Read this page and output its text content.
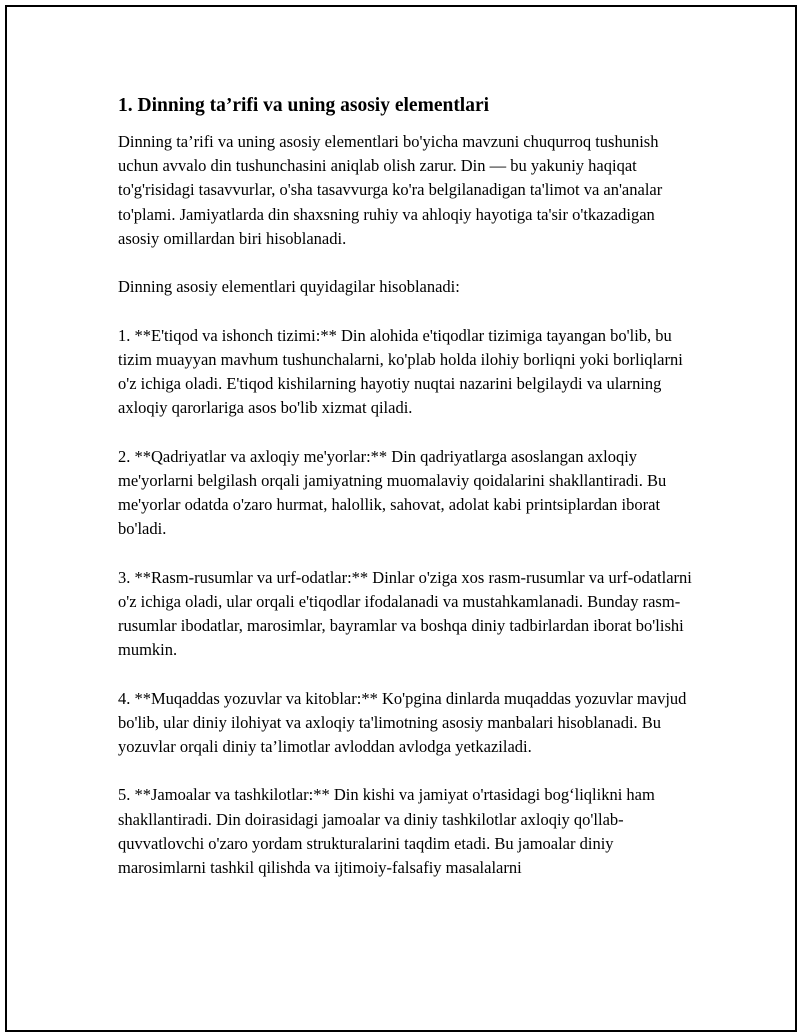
1. Dinning ta’rifi va uning asosiy elementlari

Dinning ta’rifi va uning asosiy elementlari bo'yicha mavzuni chuqurroq tushunish uchun avvalo din tushunchasini aniqlab olish zarur. Din — bu yakuniy haqiqat to'g'risidagi tasavvurlar, o'sha tasavvurga ko'ra belgilanadigan ta'limot va an'analar to'plami. Jamiyatlarda din shaxsning ruhiy va ahloqiy hayotiga ta'sir o'tkazadigan asosiy omillardan biri hisoblanadi.

Dinning asosiy elementlari quyidagilar hisoblanadi:

1. **E'tiqod va ishonch tizimi:** Din alohida e'tiqodlar tizimiga tayangan bo'lib, bu tizim muayyan mavhum tushunchalarni, ko'plab holda ilohiy borliqni yoki borliqlarni o'z ichiga oladi. E'tiqod kishilarning hayotiy nuqtai nazarini belgilaydi va ularning axloqiy qarorlariga asos bo'lib xizmat qiladi.

2. **Qadriyatlar va axloqiy me'yorlar:** Din qadriyatlarga asoslangan axloqiy me'yorlarni belgilash orqali jamiyatning muomalaviy qoidalarini shakllantiradi. Bu me'yorlar odatda o'zaro hurmat, halollik, sahovat, adolat kabi printsiplardan iborat bo'ladi.

3. **Rasm-rusumlar va urf-odatlar:** Dinlar o'ziga xos rasm-rusumlar va urf-odatlarni o'z ichiga oladi, ular orqali e'tiqodlar ifodalanadi va mustahkamlanadi. Bunday rasm-rusumlar ibodatlar, marosimlar, bayramlar va boshqa diniy tadbirlardan iborat bo'lishi mumkin.

4. **Muqaddas yozuvlar va kitoblar:** Ko'pgina dinlarda muqaddas yozuvlar mavjud bo'lib, ular diniy ilohiyat va axloqiy ta'limotning asosiy manbalari hisoblanadi. Bu yozuvlar orqali diniy ta’limotlar avloddan avlodga yetkaziladi.

5. **Jamoalar va tashkilotlar:** Din kishi va jamiyat o'rtasidagi bog‘liqlikni ham shakllantiradi. Din doirasidagi jamoalar va diniy tashkilotlar axloqiy qo'llab-quvvatlovchi o'zaro yordam strukturalarini taqdim etadi. Bu jamoalar diniy marosimlarni tashkil qilishda va ijtimoiy-falsafiy masalalarni
